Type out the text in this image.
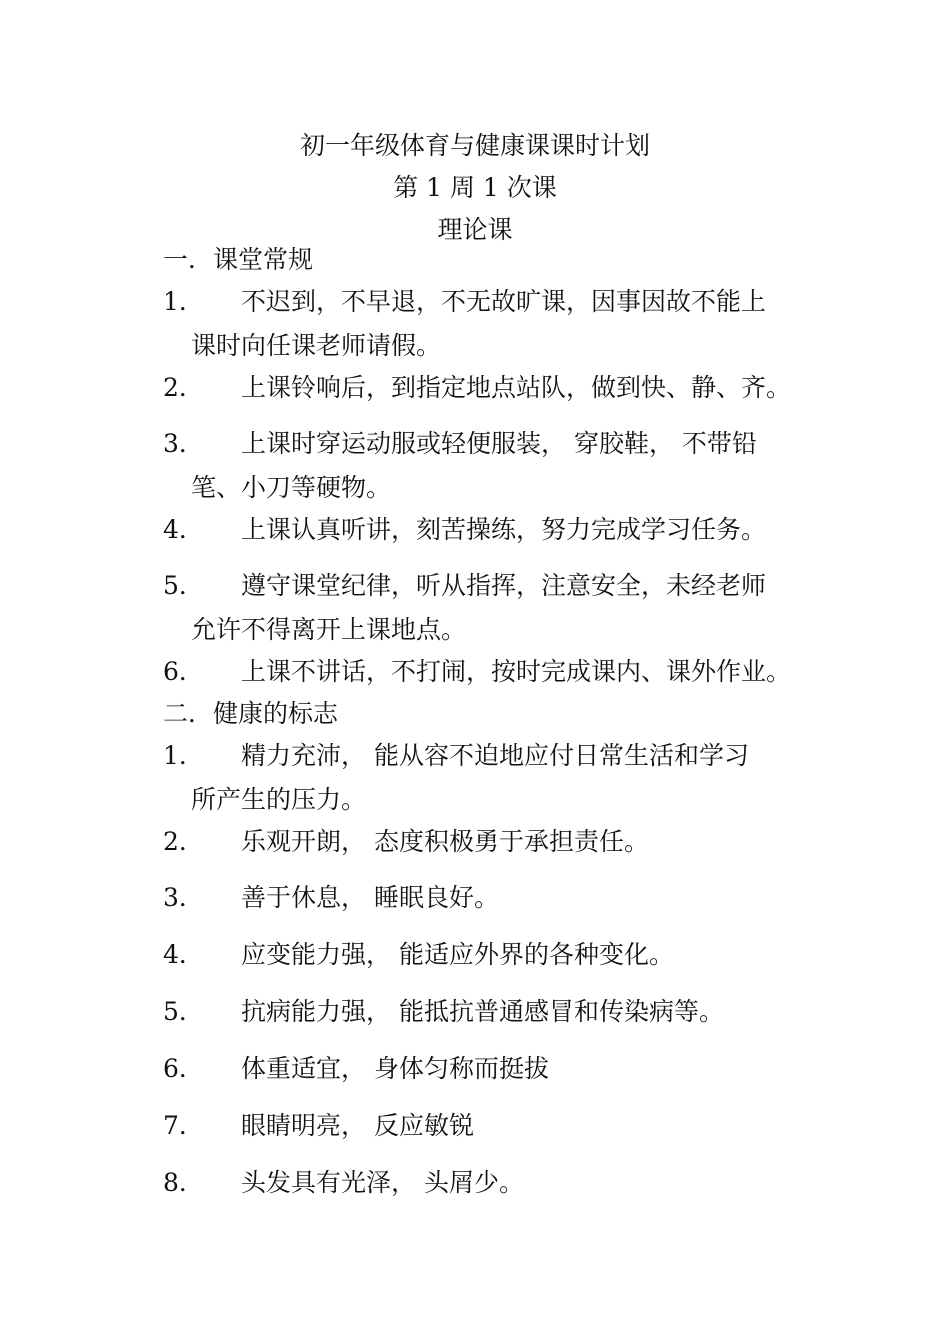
初一年级体育与健康课课时计划
第 1 周 1 次课
理论课
一．课堂常规
1．	不迟到，不早退，不无故旷课，因事因故不能上
课时向任课老师请假。
2．	上课铃响后，到指定地点站队，做到快、静、齐。
3．	上课时穿运动服或轻便服装， 穿胶鞋， 不带铅
笔、小刀等硬物。
4．	上课认真听讲，刻苦操练，努力完成学习任务。
5．	遵守课堂纪律，听从指挥，注意安全，未经老师
允许不得离开上课地点。
6．	上课不讲话，不打闹，按时完成课内、课外作业。
二．健康的标志
1．	精力充沛， 能从容不迫地应付日常生活和学习
所产生的压力。
2．	乐观开朗， 态度积极勇于承担责任。
3．	善于休息， 睡眠良好。
4．	应变能力强， 能适应外界的各种变化。
5．	抗病能力强， 能抵抗普通感冒和传染病等。
6．	体重适宜， 身体匀称而挺拔
7．	眼睛明亮， 反应敏锐
8．	头发具有光泽， 头屑少。
